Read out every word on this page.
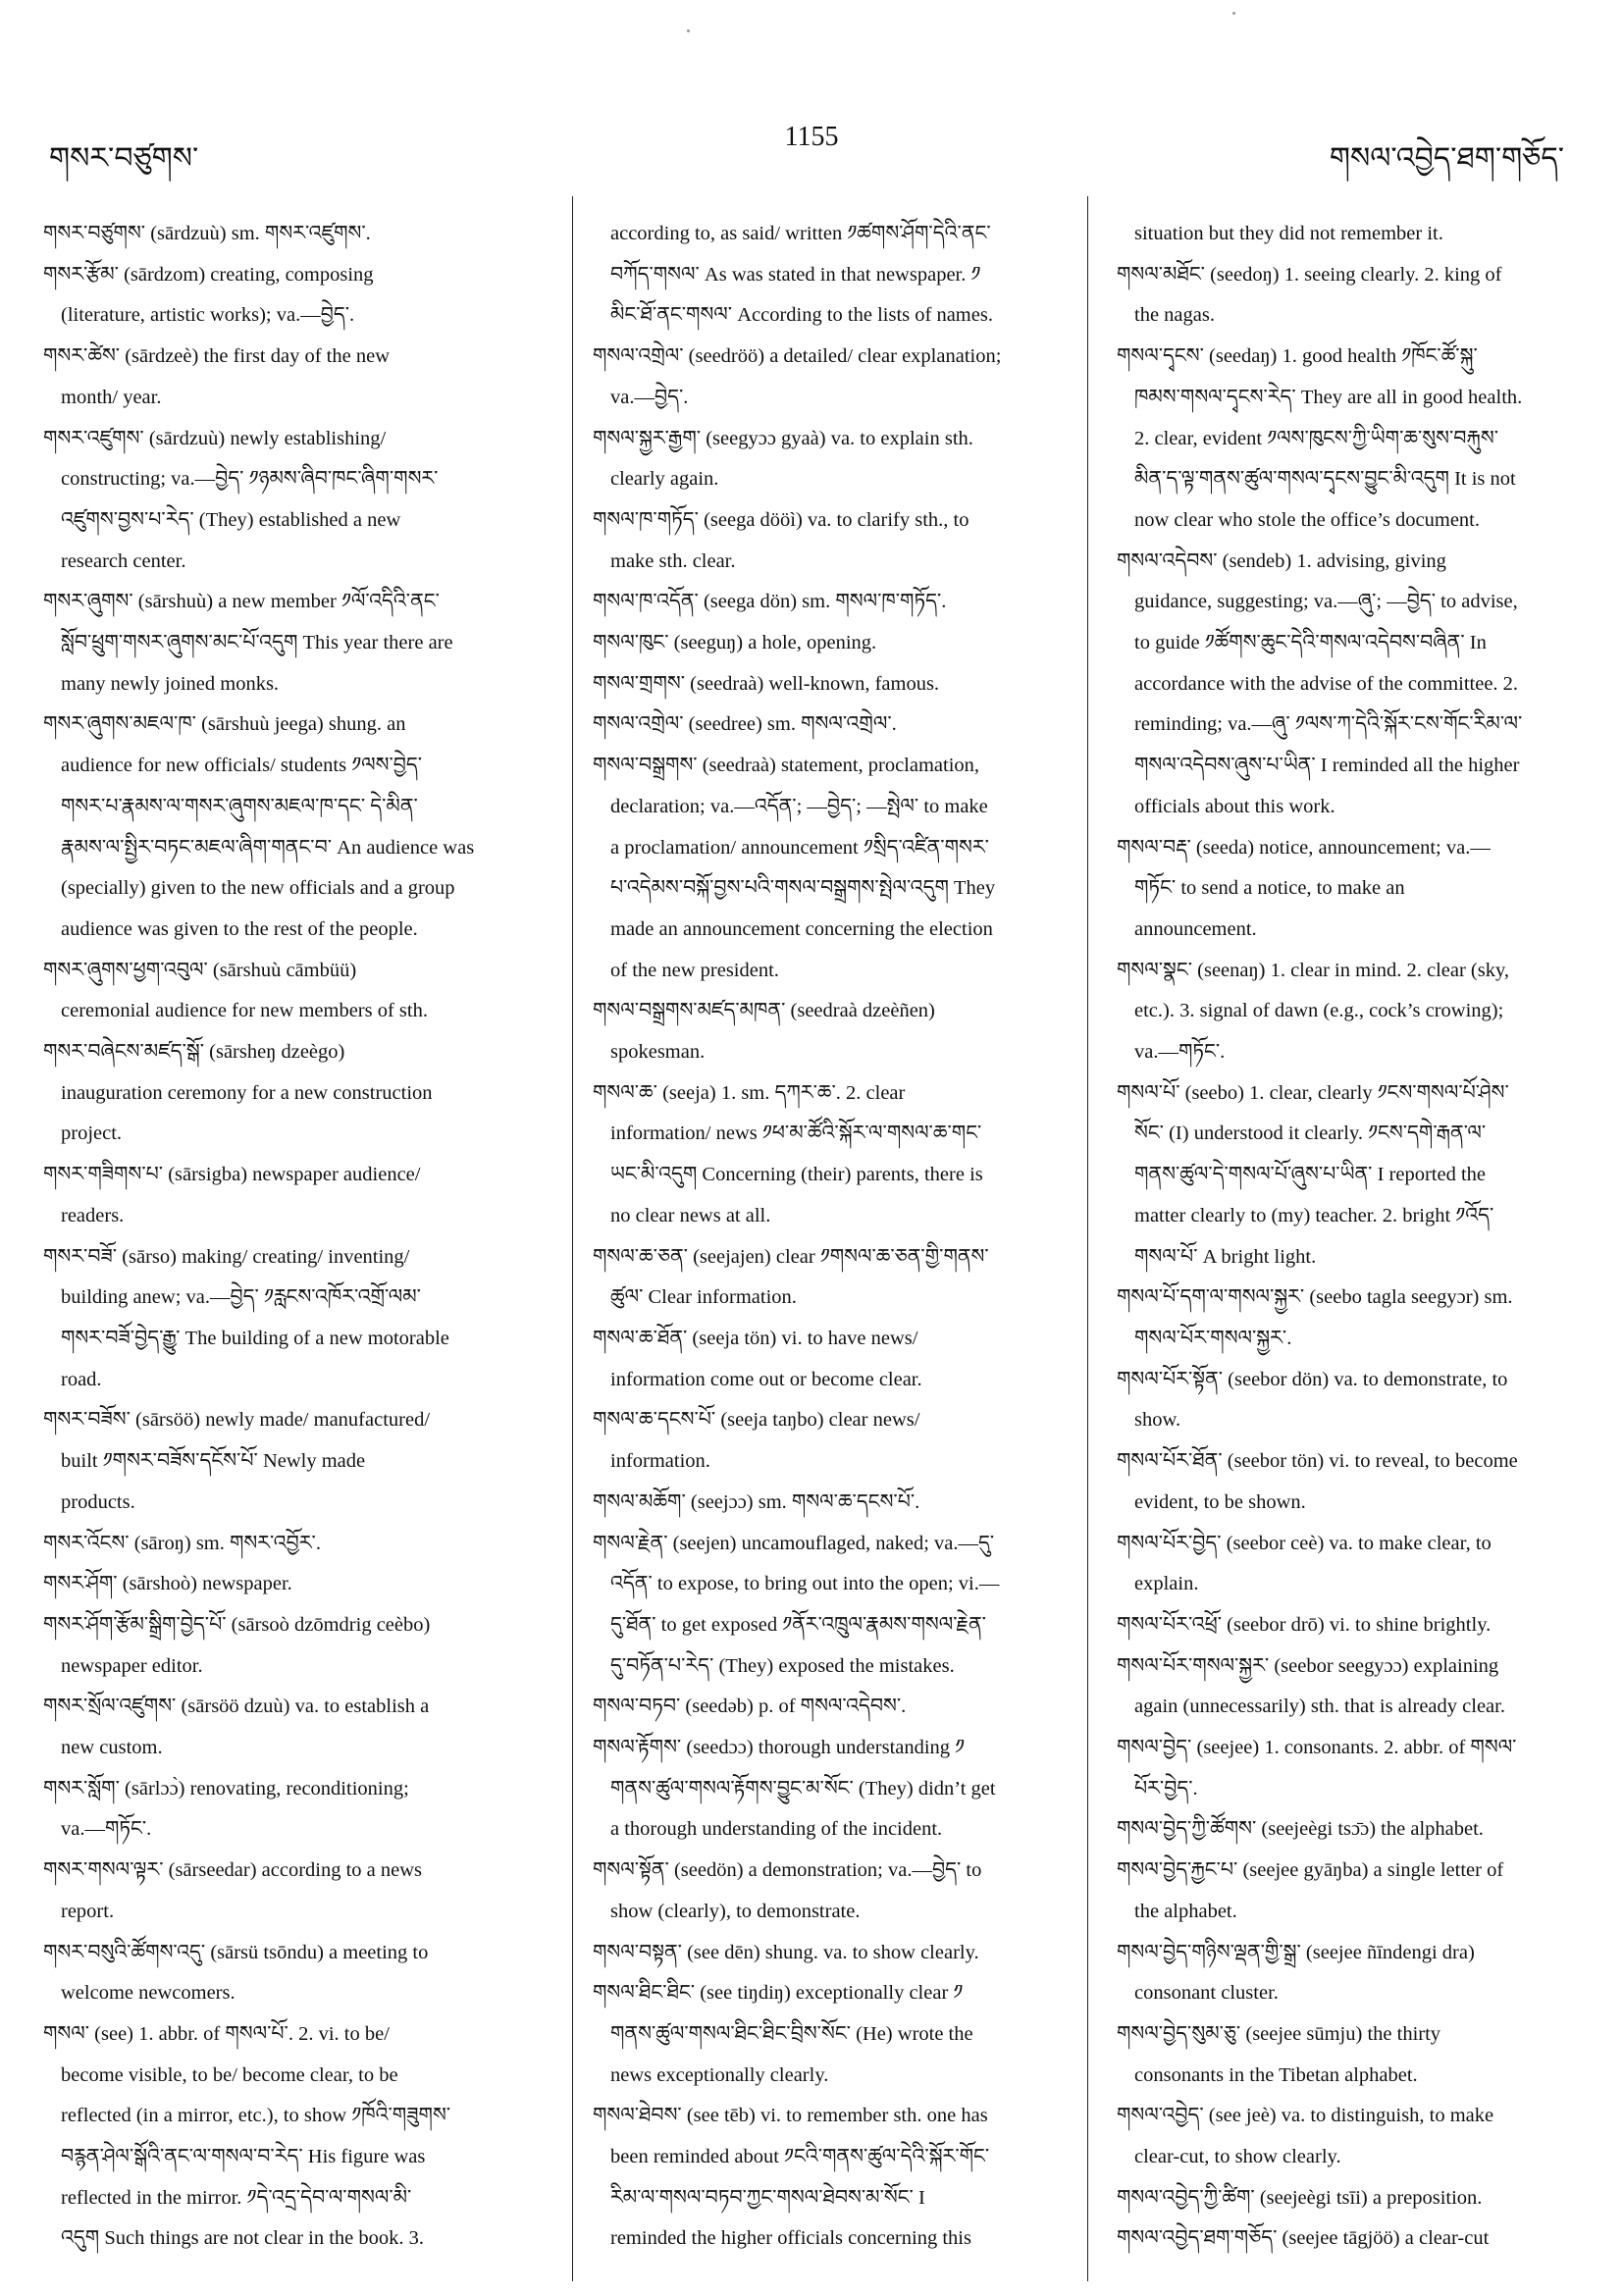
གསར་བཙུགས་
1155
གསལ་འབྱེད་ཐག་གཅོད་
གསར་བཙུགས་ (sārdzuù) sm. གསར་འཛུགས་.
གསར་རྩོམ་ (sārdzom) creating, composing
(literature, artistic works); va.—བྱེད་.
གསར་ཚེས་ (sārdzeè) the first day of the new
month/ year.
གསར་འཛུགས་ (sārdzuù) newly establishing/
constructing; va.—བྱེད་ ༡ཉམས་ཞིབ་ཁང་ཞིག་གསར་
འཛུགས་བྱས་པ་རེད་ (They) established a new
research center.
གསར་ཞུགས་ (sārshuù) a new member ༡ལོ་འདིའི་ནང་
སློབ་ཕྲུག་གསར་ཞུགས་མང་པོ་འདུག This year there are
many newly joined monks.
གསར་ཞུགས་མཇལ་ཁ་ (sārshuù jeega) shung. an
audience for new officials/ students ༡ལས་བྱེད་
གསར་པ་རྣམས་ལ་གསར་ཞུགས་མཇལ་ཁ་དང་ དེ་མིན་
རྣམས་ལ་སྤྱིར་བཏང་མཇལ་ཞིག་གནང་བ་ An audience was
(specially) given to the new officials and a group
audience was given to the rest of the people.
གསར་ཞུགས་ཕྱག་འབུལ་ (sārshuù cāmbüü)
ceremonial audience for new members of sth.
གསར་བཞེངས་མཛད་སྒོ་ (sārsheŋ dzeègo)
inauguration ceremony for a new construction
project.
གསར་གཟིགས་པ་ (sārsigba) newspaper audience/
readers.
གསར་བཟོ་ (sārso) making/ creating/ inventing/
building anew; va.—བྱེད་ ༡རླངས་འཁོར་འགྲོ་ལམ་
གསར་བཟོ་བྱེད་རྒྱུ་ The building of a new motorable
road.
གསར་བཟོས་ (sārsöö) newly made/ manufactured/
built ༡གསར་བཟོས་དངོས་པོ་ Newly made
products.
གསར་འོངས་ (sāroŋ) sm. གསར་འབྱོར་.
གསར་ཤོག་ (sārshoò) newspaper.
གསར་ཤོག་རྩོམ་སྒྲིག་བྱེད་པོ་ (sārsoò dzōmdrig ceèbo)
newspaper editor.
གསར་སྲོལ་འཛུགས་ (sārsöö dzuù) va. to establish a
new custom.
གསར་སློག་ (sārlɔɔ̀) renovating, reconditioning;
va.—གཏོང་.
གསར་གསལ་ལྟར་ (sārseedar) according to a news
report.
གསར་བསུའི་ཚོགས་འདུ་ (sārsü tsōndu) a meeting to
welcome newcomers.
གསལ་ (see) 1. abbr. of གསལ་པོ་. 2. vi. to be/
become visible, to be/ become clear, to be
reflected (in a mirror, etc.), to show ༡ཁོའི་གཟུགས་
བརྙན་ཤེལ་སྒོའི་ནང་ལ་གསལ་བ་རེད་ His figure was
reflected in the mirror. ༡དེ་འདྲ་དེབ་ལ་གསལ་མི་
འདུག Such things are not clear in the book. 3.
according to, as said/ written ༡ཚགས་ཤོག་དེའི་ནང་
བཀོད་གསལ་ As was stated in that newspaper. ༡
མིང་ཐོ་ནང་གསལ་ According to the lists of names.
གསལ་འགྲེལ་ (seedröö) a detailed/ clear explanation;
va.—བྱེད་.
གསལ་སྐྱར་རྒྱག་ (seegyɔɔ gyaà) va. to explain sth.
clearly again.
གསལ་ཁ་གཏོད་ (seega dööì) va. to clarify sth., to
make sth. clear.
གསལ་ཁ་འདོན་ (seega dön) sm. གསལ་ཁ་གཏོད་.
གསལ་ཁུང་ (seeguŋ) a hole, opening.
གསལ་གྲགས་ (seedraà) well-known, famous.
གསལ་འགྲེལ་ (seedree) sm. གསལ་འགྲེལ་.
གསལ་བསྒྲགས་ (seedraà) statement, proclamation,
declaration; va.—འདོན་; —བྱེད་; —སྤེལ་ to make
a proclamation/ announcement ༡སྲིད་འཛིན་གསར་
པ་འདེམས་བསྐོ་བྱས་པའི་གསལ་བསྒྲགས་སྤེལ་འདུག They
made an announcement concerning the election
of the new president.
གསལ་བསྒྲགས་མཛད་མཁན་ (seedraà dzeèñen)
spokesman.
གསལ་ཆ་ (seeja) 1. sm. དཀར་ཆ་. 2. clear
information/ news ༡ཕ་མ་ཚོའི་སྐོར་ལ་གསལ་ཆ་གང་
ཡང་མི་འདུག Concerning (their) parents, there is
no clear news at all.
གསལ་ཆ་ཅན་ (seejajen) clear ༡གསལ་ཆ་ཅན་གྱི་གནས་
ཚུལ་ Clear information.
གསལ་ཆ་ཐོན་ (seeja tön) vi. to have news/
information come out or become clear.
གསལ་ཆ་དངས་པོ་ (seeja taŋbo) clear news/
information.
གསལ་མཆོག་ (seejɔɔ) sm. གསལ་ཆ་དངས་པོ་.
གསལ་རྗེན་ (seejen) uncamouflaged, naked; va.—དུ་
འདོན་ to expose, to bring out into the open; vi.—
དུ་ཐོན་ to get exposed ༡ནོར་འཁྲུལ་རྣམས་གསལ་རྗེན་
དུ་བཏོན་པ་རེད་ (They) exposed the mistakes.
གསལ་བཏབ་ (seedəb) p. of གསལ་འདེབས་.
གསལ་རྟོགས་ (seedɔɔ) thorough understanding ༡
གནས་ཚུལ་གསལ་རྟོགས་བྱུང་མ་སོང་ (They) didn’t get
a thorough understanding of the incident.
གསལ་སྟོན་ (seedön) a demonstration; va.—བྱེད་ to
show (clearly), to demonstrate.
གསལ་བསྟན་ (see dēn) shung. va. to show clearly.
གསལ་ཐིང་ཐིང་ (see tiŋdiŋ) exceptionally clear ༡
གནས་ཚུལ་གསལ་ཐིང་ཐིང་བྲིས་སོང་ (He) wrote the
news exceptionally clearly.
གསལ་ཐེབས་ (see tēb) vi. to remember sth. one has
been reminded about ༡ངའི་གནས་ཚུལ་དེའི་སྐོར་གོང་
རིམ་ལ་གསལ་བཏབ་ཀྱང་གསལ་ཐེབས་མ་སོང་ I
reminded the higher officials concerning this
situation but they did not remember it.
གསལ་མཐོང་ (seedoŋ) 1. seeing clearly. 2. king of
the nagas.
གསལ་དྭངས་ (seedaŋ) 1. good health ༡ཁོང་ཚོ་སྐུ་
ཁམས་གསལ་དྭངས་རེད་ They are all in good health.
2. clear, evident ༡ལས་ཁུངས་ཀྱི་ཡིག་ཆ་སུས་བརྐུས་
མིན་ད་ལྟ་གནས་ཚུལ་གསལ་དྭངས་བྱུང་མི་འདུག It is not
now clear who stole the office’s document.
གསལ་འདེབས་ (sendeb) 1. advising, giving
guidance, suggesting; va.—ཞུ་; —བྱེད་ to advise,
to guide ༡ཚོགས་ཆུང་དེའི་གསལ་འདེབས་བཞིན་ In
accordance with the advise of the committee. 2.
reminding; va.—ཞུ་ ༡ལས་ཀ་དེའི་སྐོར་ངས་གོང་རིམ་ལ་
གསལ་འདེབས་ཞུས་པ་ཡིན་ I reminded all the higher
officials about this work.
གསལ་བརྡ་ (seeda) notice, announcement; va.—
གཏོང་ to send a notice, to make an
announcement.
གསལ་སྣང་ (seenaŋ) 1. clear in mind. 2. clear (sky,
etc.). 3. signal of dawn (e.g., cock’s crowing);
va.—གཏོང་.
གསལ་པོ་ (seebo) 1. clear, clearly ༡ངས་གསལ་པོ་ཤེས་
སོང་ (I) understood it clearly. ༡ངས་དགེ་རྒན་ལ་
གནས་ཚུལ་དེ་གསལ་པོ་ཞུས་པ་ཡིན་ I reported the
matter clearly to (my) teacher. 2. bright ༡འོད་
གསལ་པོ་ A bright light.
གསལ་པོ་དག་ལ་གསལ་སྐྱར་ (seebo tagla seegyɔr) sm.
གསལ་པོར་གསལ་སྐྱར་.
གསལ་པོར་སྟོན་ (seebor dön) va. to demonstrate, to
show.
གསལ་པོར་ཐོན་ (seebor tön) vi. to reveal, to become
evident, to be shown.
གསལ་པོར་བྱེད་ (seebor ceè) va. to make clear, to
explain.
གསལ་པོར་འཕྲོ་ (seebor drō) vi. to shine brightly.
གསལ་པོར་གསལ་སྐྱར་ (seebor seegyɔɔ) explaining
again (unnecessarily) sth. that is already clear.
གསལ་བྱེད་ (seejee) 1. consonants. 2. abbr. of གསལ་
པོར་བྱེད་.
གསལ་བྱེད་ཀྱི་ཚོགས་ (seejeègi tsɔ̄ɔ) the alphabet.
གསལ་བྱེད་རྐྱང་པ་ (seejee gyāŋba) a single letter of
the alphabet.
གསལ་བྱེད་གཉིས་ལྡན་གྱི་སྒྲ་ (seejee ñīndengi dra)
consonant cluster.
གསལ་བྱེད་སུམ་ཅུ་ (seejee sūmju) the thirty
consonants in the Tibetan alphabet.
གསལ་འབྱེད་ (see jeè) va. to distinguish, to make
clear-cut, to show clearly.
གསལ་འབྱེད་ཀྱི་ཚིག་ (seejeègi tsīi) a preposition.
གསལ་འབྱེད་ཐག་གཅོད་ (seejee tāgjöö) a clear-cut
